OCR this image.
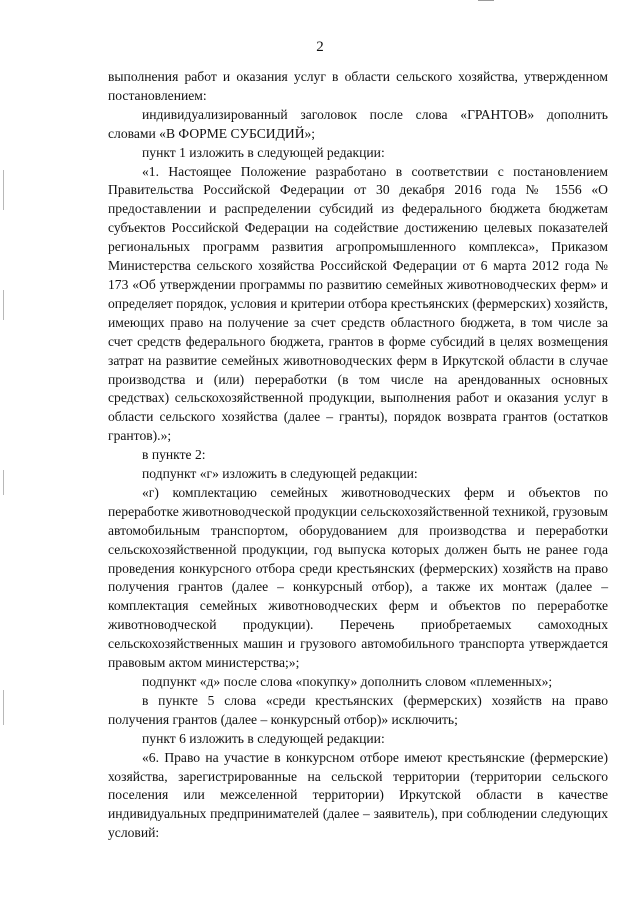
2

выполнения работ и оказания услуг в области сельского хозяйства, утвержденном постановлением:

индивидуализированный заголовок после слова «ГРАНТОВ» дополнить словами «В ФОРМЕ СУБСИДИЙ»;

пункт 1 изложить в следующей редакции:

«1. Настоящее Положение разработано в соответствии с постановлением Правительства Российской Федерации от 30 декабря 2016 года № 1556 «О предоставлении и распределении субсидий из федерального бюджета бюджетам субъектов Российской Федерации на содействие достижению целевых показателей региональных программ развития агропромышленного комплекса», Приказом Министерства сельского хозяйства Российской Федерации от 6 марта 2012 года № 173 «Об утверждении программы по развитию семейных животноводческих ферм» и определяет порядок, условия и критерии отбора крестьянских (фермерских) хозяйств, имеющих право на получение за счет средств областного бюджета, в том числе за счет средств федерального бюджета, грантов в форме субсидий в целях возмещения затрат на развитие семейных животноводческих ферм в Иркутской области в случае производства и (или) переработки (в том числе на арендованных основных средствах) сельскохозяйственной продукции, выполнения работ и оказания услуг в области сельского хозяйства (далее – гранты), порядок возврата грантов (остатков грантов).»;

в пункте 2:

подпункт «г» изложить в следующей редакции:

«г) комплектацию семейных животноводческих ферм и объектов по переработке животноводческой продукции сельскохозяйственной техникой, грузовым автомобильным транспортом, оборудованием для производства и переработки сельскохозяйственной продукции, год выпуска которых должен быть не ранее года проведения конкурсного отбора среди крестьянских (фермерских) хозяйств на право получения грантов (далее – конкурсный отбор), а также их монтаж (далее – комплектация семейных животноводческих ферм и объектов по переработке животноводческой продукции). Перечень приобретаемых самоходных сельскохозяйственных машин и грузового автомобильного транспорта утверждается правовым актом министерства;»;

подпункт «д» после слова «покупку» дополнить словом «племенных»;

в пункте 5 слова «среди крестьянских (фермерских) хозяйств на право получения грантов (далее – конкурсный отбор)» исключить;

пункт 6 изложить в следующей редакции:

«6. Право на участие в конкурсном отборе имеют крестьянские (фермерские) хозяйства, зарегистрированные на сельской территории (территории сельского поселения или межселенной территории) Иркутской области в качестве индивидуальных предпринимателей (далее – заявитель), при соблюдении следующих условий:
